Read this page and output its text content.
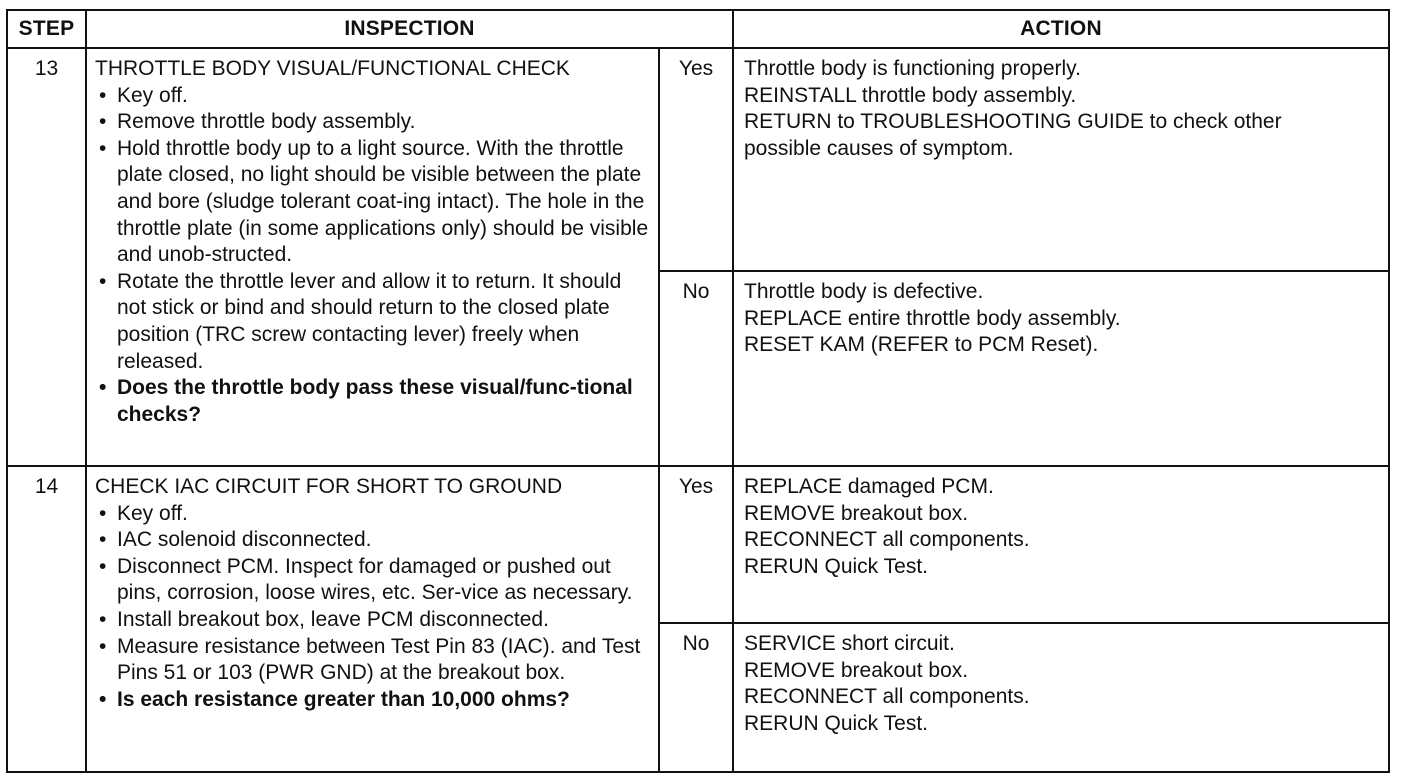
STEP	INSPECTION	ACTION
13	THROTTLE BODY VISUAL/FUNCTIONAL CHECK
• Key off.
• Remove throttle body assembly.
• Hold throttle body up to a light source. With the throttle plate closed, no light should be visible between the plate and bore (sludge tolerant coat-ing intact). The hole in the throttle plate (in some applications only) should be visible and unob-structed.
• Rotate the throttle lever and allow it to return. It should not stick or bind and should return to the closed plate position (TRC screw contacting lever) freely when released.
• Does the throttle body pass these visual/func-tional checks?
Yes	Throttle body is functioning properly.
REINSTALL throttle body assembly.
RETURN to TROUBLESHOOTING GUIDE to check other
possible causes of symptom.
No	Throttle body is defective.
REPLACE entire throttle body assembly.
RESET KAM (REFER to PCM Reset).
14	CHECK IAC CIRCUIT FOR SHORT TO GROUND
• Key off.
• IAC solenoid disconnected.
• Disconnect PCM. Inspect for damaged or pushed out pins, corrosion, loose wires, etc. Ser-vice as necessary.
• Install breakout box, leave PCM disconnected.
• Measure resistance between Test Pin 83 (IAC). and Test Pins 51 or 103 (PWR GND) at the breakout box.
• Is each resistance greater than 10,000 ohms?
Yes	REPLACE damaged PCM.
REMOVE breakout box.
RECONNECT all components.
RERUN Quick Test.
No	SERVICE short circuit.
REMOVE breakout box.
RECONNECT all components.
RERUN Quick Test.
